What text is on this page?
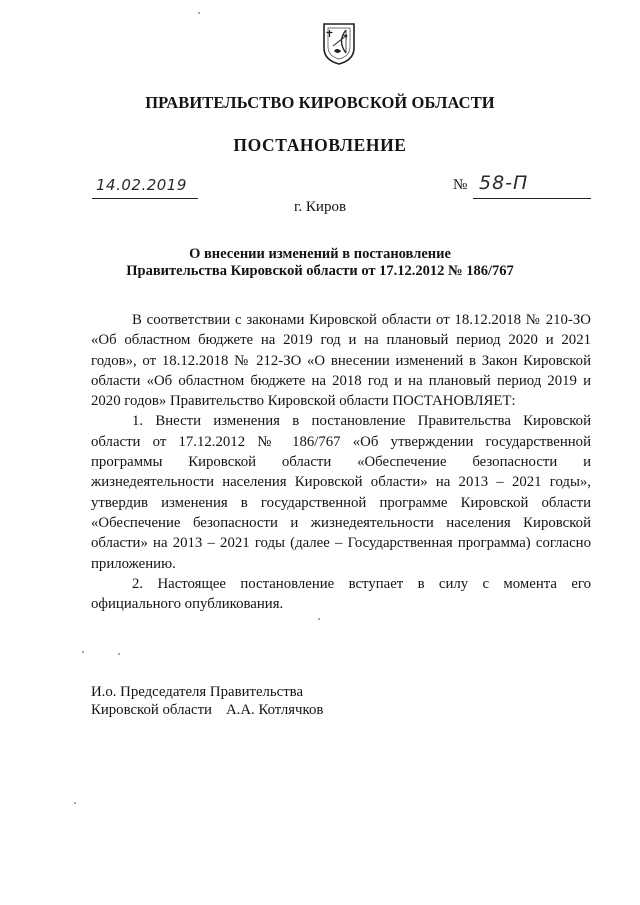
ПРАВИТЕЛЬСТВО КИРОВСКОЙ ОБЛАСТИ
ПОСТАНОВЛЕНИЕ
14.02.2019	№ 58-П
г. Киров
О внесении изменений в постановление
Правительства Кировской области от 17.12.2012 № 186/767

В соответствии с законами Кировской области от 18.12.2018 № 210-ЗО «Об областном бюджете на 2019 год и на плановый период 2020 и 2021 годов», от 18.12.2018 № 212-ЗО «О внесении изменений в Закон Кировской области «Об областном бюджете на 2018 год и на плановый период 2019 и 2020 годов» Правительство Кировской области ПОСТАНОВЛЯЕТ:

1. Внести изменения в постановление Правительства Кировской области от 17.12.2012 № 186/767 «Об утверждении государственной программы Кировской области «Обеспечение безопасности и жизнедеятельности населения Кировской области» на 2013 – 2021 годы», утвердив изменения в государственной программе Кировской области «Обеспечение безопасности и жизнедеятельности населения Кировской области» на 2013 – 2021 годы (далее – Государственная программа) согласно приложению.

2. Настоящее постановление вступает в силу с момента его официального опубликования.

И.о. Председателя Правительства
Кировской области А.А. Котлячков
